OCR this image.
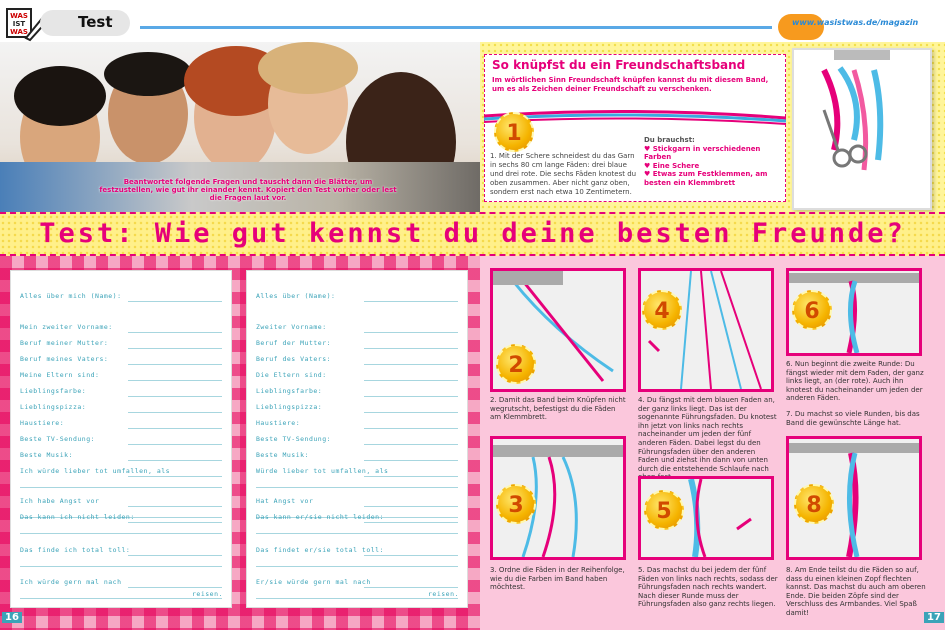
WAS
IST
WAS
Test	www.wasistwas.de/magazin
Beantwortet folgende Fragen und tauscht dann die Blätter, um festzustellen, wie gut ihr einander kennt. Kopiert den Test vorher oder lest die Fragen laut vor.
So knüpfst du ein Freundschaftsband
Im wörtlichen Sinn Freundschaft knüpfen kannst du mit diesem Band, um es als Zeichen deiner Freundschaft zu verschenken.
1
1. Mit der Schere schneidest du das Garn in sechs 80 cm lange Fäden: drei blaue und drei rote. Die sechs Fäden knotest du oben zusammen. Aber nicht ganz oben, sondern erst nach etwa 10 Zentimetern.
Du brauchst:
♥ Stickgarn in verschiedenen Farben
♥ Eine Schere
♥ Etwas zum Festklemmen, am besten ein Klemmbrett
Test: Wie gut kennst du deine besten Freunde?
Alles über mich (Name):
Mein zweiter Vorname:
Beruf meiner Mutter:
Beruf meines Vaters:
Meine Eltern sind:
Lieblingsfarbe:
Lieblingspizza:
Haustiere:
Beste TV-Sendung:
Beste Musik:
Ich würde lieber tot umfallen, als
Ich habe Angst vor
Das kann ich nicht leiden:
Das finde ich total toll:
Ich würde gern mal nach
reisen.
Alles über (Name):
Zweiter Vorname:
Beruf der Mutter:
Beruf des Vaters:
Die Eltern sind:
Lieblingsfarbe:
Lieblingspizza:
Haustiere:
Beste TV-Sendung:
Beste Musik:
Würde lieber tot umfallen, als
Hat Angst vor
Das kann er/sie nicht leiden:
Das findet er/sie total toll:
Er/sie würde gern mal nach
reisen.
16
2
2. Damit das Band beim Knüpfen nicht wegrutscht, befestigst du die Fäden am Klemmbrett.
4
4. Du fängst mit dem blauen Faden an, der ganz links liegt. Das ist der sogenannte Führungsfaden. Du knotest ihn jetzt von links nach rechts nacheinander um jeden der fünf anderen Fäden. Dabei legst du den Führungsfaden über den anderen Faden und ziehst ihn dann von unten durch die entstehende Schlaufe nach
6
6. Nun beginnt die zweite Runde: Du fängst wieder mit dem Faden, der ganz links liegt, an (der rote). Auch ihn knotest du nacheinander um jeden der anderen Fäden.
7. Du machst so viele Runden, bis das Band die gewünschte Länge hat.
3
3. Ordne die Fäden in der Reihenfolge, wie du die Farben im Band haben möchtest.
5
5. Das machst du bei jedem der fünf Fäden von links nach rechts, sodass der Führungsfaden nach rechts wandert. Nach dieser Runde muss der Führungsfaden also ganz rechts liegen.
8
8. Am Ende teilst du die Fäden so auf, dass du einen kleinen Zopf flechten kannst. Das machst du auch am oberen Ende. Die beiden Zöpfe sind der Verschluss des Armbandes. Viel Spaß damit!	17
